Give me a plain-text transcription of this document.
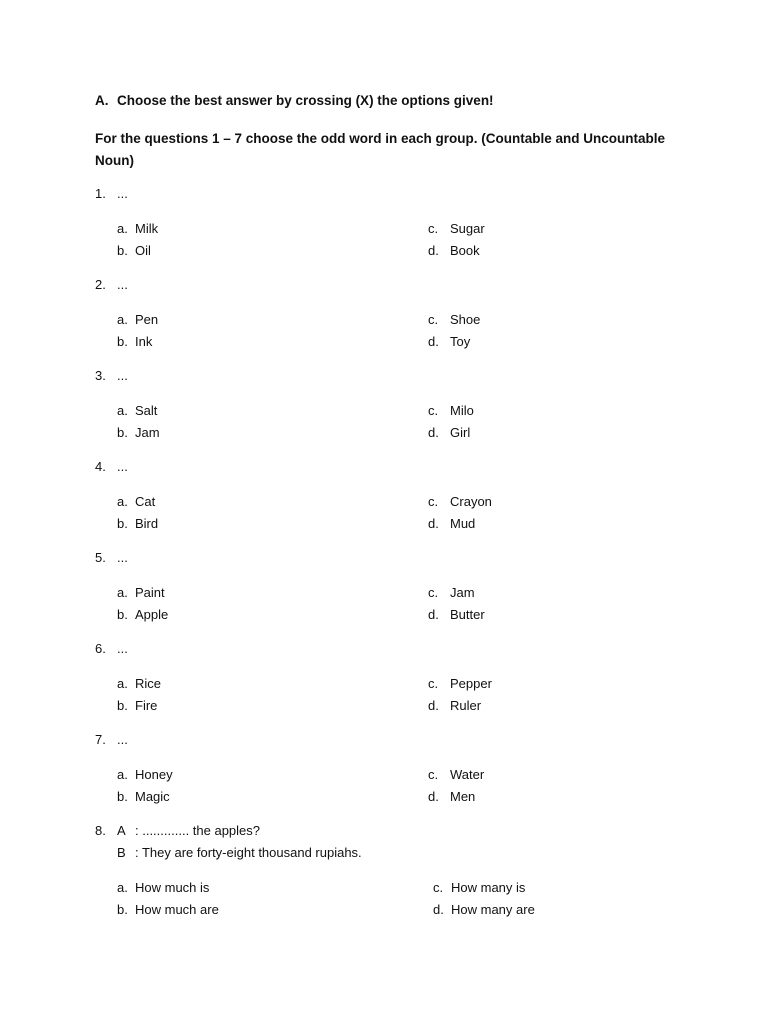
A. Choose the best answer by crossing (X) the options given!
For the questions 1 – 7 choose the odd word in each group. (Countable and Uncountable Noun)
1. ...
a. Milk
b. Oil
c. Sugar
d. Book
2. ...
a. Pen
b. Ink
c. Shoe
d. Toy
3. ...
a. Salt
b. Jam
c. Milo
d. Girl
4. ...
a. Cat
b. Bird
c. Crayon
d. Mud
5. ...
a. Paint
b. Apple
c. Jam
d. Butter
6. ...
a. Rice
b. Fire
c. Pepper
d. Ruler
7. ...
a. Honey
b. Magic
c. Water
d. Men
8. A : ............. the apples?
B : They are forty-eight thousand rupiahs.
a. How much is
b. How much are
c. How many is
d. How many are
